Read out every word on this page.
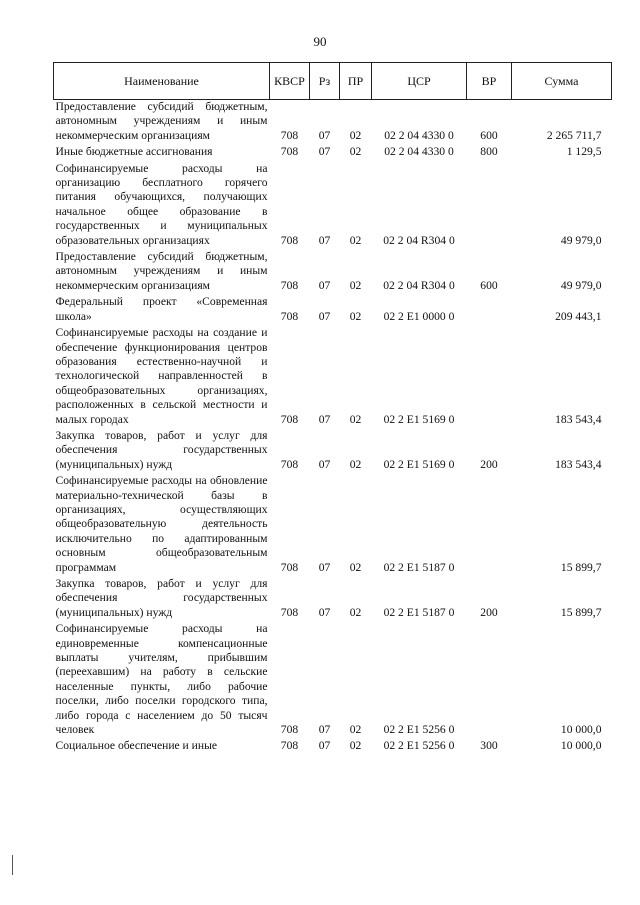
90
Наименование	КВСР	Рз	ПР	ЦСР	ВР	Сумма
Предоставление субсидий бюджетным, автономным учреждениям и иным некоммерческим организациям	708	07	02	02 2 04 4330 0	600	2 265 711,7
Иные бюджетные ассигнования	708	07	02	02 2 04 4330 0	800	1 129,5
Софинансируемые расходы на организацию бесплатного горячего питания обучающихся, получающих начальное общее образование в государственных и муниципальных образовательных организациях	708	07	02	02 2 04 R304 0		49 979,0
Предоставление субсидий бюджетным, автономным учреждениям и иным некоммерческим организациям	708	07	02	02 2 04 R304 0	600	49 979,0
Федеральный проект «Современная школа»	708	07	02	02 2 E1 0000 0		209 443,1
Софинансируемые расходы на создание и обеспечение функционирования центров образования естественно-научной и технологической направленностей в общеобразовательных организациях, расположенных в сельской местности и малых городах	708	07	02	02 2 E1 5169 0		183 543,4
Закупка товаров, работ и услуг для обеспечения государственных (муниципальных) нужд	708	07	02	02 2 E1 5169 0	200	183 543,4
Софинансируемые расходы на обновление материально-технической базы в организациях, осуществляющих общеобразовательную деятельность исключительно по адаптированным основным общеобразовательным программам	708	07	02	02 2 E1 5187 0		15 899,7
Закупка товаров, работ и услуг для обеспечения государственных (муниципальных) нужд	708	07	02	02 2 E1 5187 0	200	15 899,7
Софинансируемые расходы на единовременные компенсационные выплаты учителям, прибывшим (переехавшим) на работу в сельские населенные пункты, либо рабочие поселки, либо поселки городского типа, либо города с населением до 50 тысяч человек	708	07	02	02 2 E1 5256 0		10 000,0
Социальное обеспечение и иные	708	07	02	02 2 E1 5256 0	300	10 000,0
